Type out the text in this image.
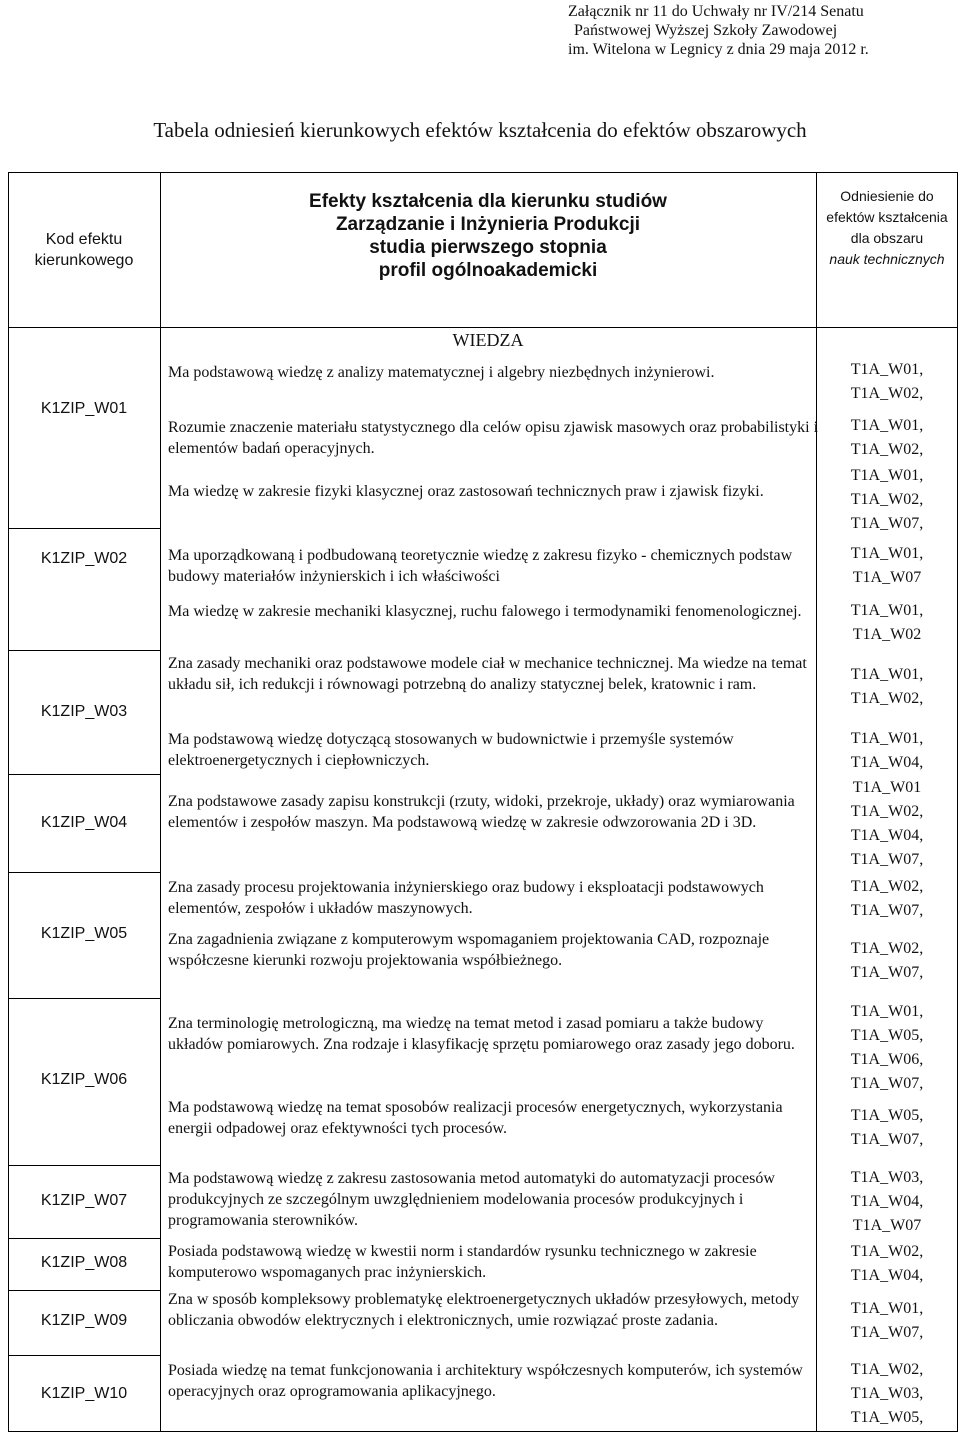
Załącznik nr 11 do Uchwały nr IV/214 Senatu
Państwowej Wyższej Szkoły Zawodowej
im. Witelona w Legnicy z dnia 29 maja 2012 r.
Tabela odniesień kierunkowych efektów kształcenia do efektów obszarowych
Kod efektu kierunkowego
Efekty kształcenia dla kierunku studiów
Zarządzanie i Inżynieria Produkcji
studia pierwszego stopnia
profil ogólnoakademicki
Odniesienie do efektów kształcenia dla obszaru
nauk technicznych
WIEDZA
K1ZIP_W01
K1ZIP_W02
K1ZIP_W03
K1ZIP_W04
K1ZIP_W05
K1ZIP_W06
K1ZIP_W07
K1ZIP_W08
K1ZIP_W09
K1ZIP_W10
Ma podstawową wiedzę z analizy matematycznej i algebry niezbędnych inżynierowi.
Rozumie znaczenie materiału statystycznego dla celów opisu zjawisk masowych oraz probabilistyki i elementów badań operacyjnych.
Ma wiedzę w zakresie fizyki klasycznej oraz zastosowań technicznych praw i zjawisk fizyki.
Ma uporządkowaną i podbudowaną teoretycznie wiedzę z zakresu fizyko - chemicznych podstaw budowy materiałów inżynierskich i ich właściwości
Ma wiedzę w zakresie mechaniki klasycznej, ruchu falowego i termodynamiki fenomenologicznej.
Zna zasady mechaniki oraz podstawowe modele ciał w mechanice technicznej. Ma wiedze na temat układu sił, ich redukcji i równowagi potrzebną do analizy statycznej belek, kratownic i ram.
Ma podstawową wiedzę dotyczącą stosowanych w budownictwie i przemyśle systemów elektroenergetycznych i ciepłowniczych.
Zna podstawowe zasady zapisu konstrukcji (rzuty, widoki, przekroje, układy) oraz wymiarowania elementów i zespołów maszyn. Ma podstawową wiedzę w zakresie odwzorowania 2D i 3D.
Zna zasady procesu projektowania inżynierskiego oraz budowy i eksploatacji podstawowych elementów, zespołów i układów maszynowych.
Zna zagadnienia związane z komputerowym wspomaganiem projektowania CAD, rozpoznaje współczesne kierunki rozwoju projektowania współbieżnego.
Zna terminologię metrologiczną, ma wiedzę na temat metod i zasad pomiaru a także budowy układów pomiarowych. Zna rodzaje i klasyfikację sprzętu pomiarowego oraz zasady jego doboru.
Ma podstawową wiedzę na temat sposobów realizacji procesów energetycznych, wykorzystania energii odpadowej oraz efektywności tych procesów.
Ma podstawową wiedzę z zakresu zastosowania metod automatyki do automatyzacji procesów produkcyjnych ze szczególnym uwzględnieniem modelowania procesów produkcyjnych i programowania sterowników.
Posiada podstawową wiedzę w kwestii norm i standardów rysunku technicznego w zakresie komputerowo wspomaganych prac inżynierskich.
Zna w sposób kompleksowy problematykę elektroenergetycznych układów przesyłowych, metody obliczania obwodów elektrycznych i elektronicznych, umie rozwiązać proste zadania.
Posiada wiedzę na temat funkcjonowania i architektury współczesnych komputerów, ich systemów operacyjnych oraz oprogramowania aplikacyjnego.
T1A_W01,
T1A_W02,
T1A_W01,
T1A_W02,
T1A_W01,
T1A_W02,
T1A_W07,
T1A_W01,
T1A_W07
T1A_W01,
T1A_W02
T1A_W01,
T1A_W02,
T1A_W01,
T1A_W04,
T1A_W01
T1A_W02,
T1A_W04,
T1A_W07,
T1A_W02,
T1A_W07,
T1A_W02,
T1A_W07,
T1A_W01,
T1A_W05,
T1A_W06,
T1A_W07,
T1A_W05,
T1A_W07,
T1A_W03,
T1A_W04,
T1A_W07
T1A_W02,
T1A_W04,
T1A_W01,
T1A_W07,
T1A_W02,
T1A_W03,
T1A_W05,
